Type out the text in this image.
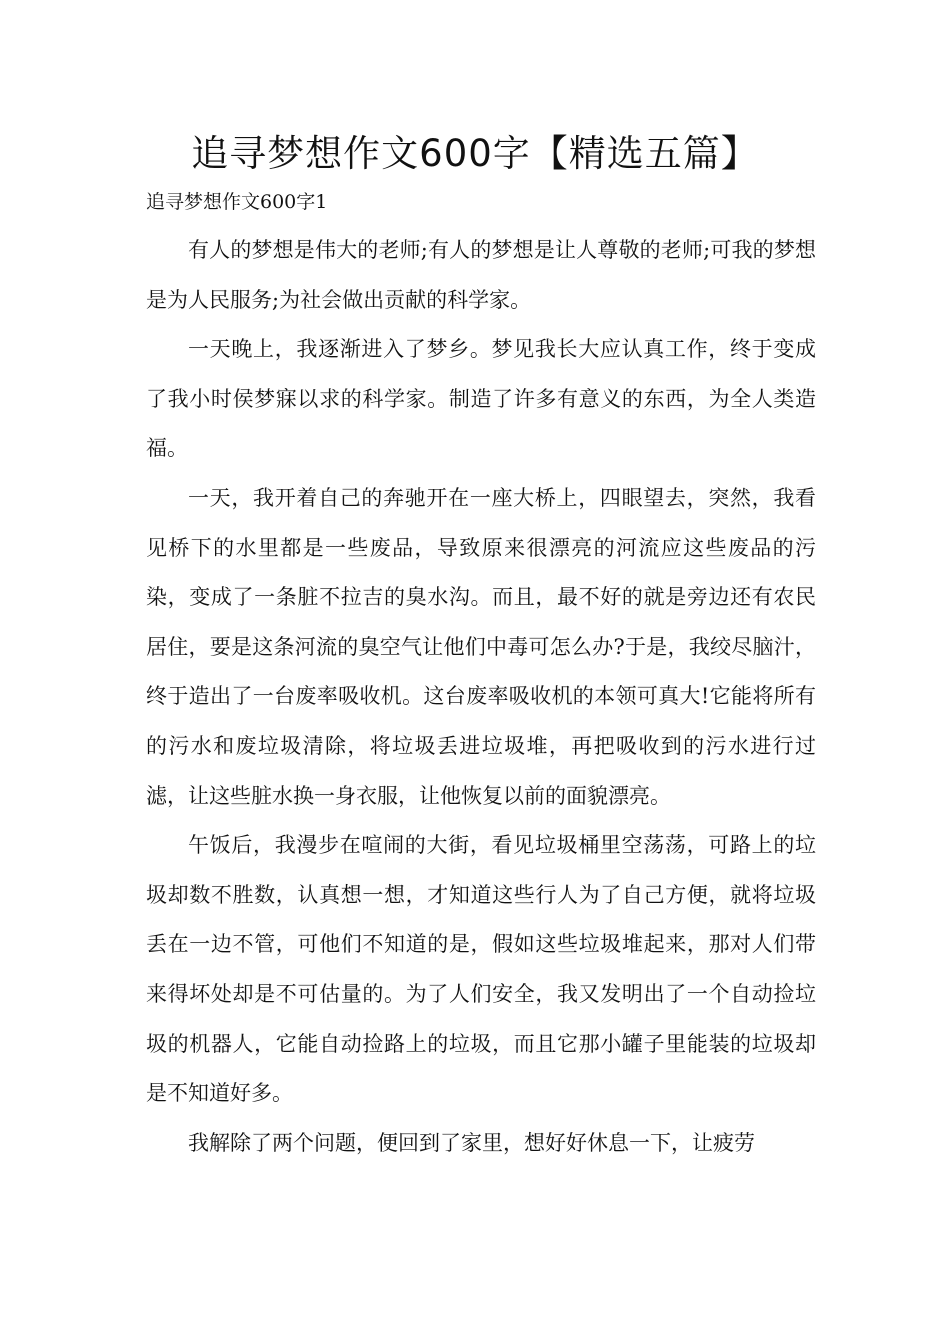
追寻梦想作文600字【精选五篇】
追寻梦想作文600字1

有人的梦想是伟大的老师;有人的梦想是让人尊敬的老师;可我的梦想是为人民服务;为社会做出贡献的科学家。

一天晚上，我逐渐进入了梦乡。梦见我长大应认真工作，终于变成了我小时侯梦寐以求的科学家。制造了许多有意义的东西，为全人类造福。

一天，我开着自己的奔驰开在一座大桥上，四眼望去，突然，我看见桥下的水里都是一些废品，导致原来很漂亮的河流应这些废品的污染，变成了一条脏不拉吉的臭水沟。而且，最不好的就是旁边还有农民居住，要是这条河流的臭空气让他们中毒可怎么办?于是，我绞尽脑汁，终于造出了一台废率吸收机。这台废率吸收机的本领可真大!它能将所有的污水和废垃圾清除，将垃圾丢进垃圾堆，再把吸收到的污水进行过滤，让这些脏水换一身衣服，让他恢复以前的面貌漂亮。

午饭后，我漫步在喧闹的大街，看见垃圾桶里空荡荡，可路上的垃圾却数不胜数，认真想一想，才知道这些行人为了自己方便，就将垃圾丢在一边不管，可他们不知道的是，假如这些垃圾堆起来，那对人们带来得坏处却是不可估量的。为了人们安全，我又发明出了一个自动捡垃圾的机器人，它能自动捡路上的垃圾，而且它那小罐子里能装的垃圾却是不知道好多。

我解除了两个问题，便回到了家里，想好好休息一下，让疲劳
